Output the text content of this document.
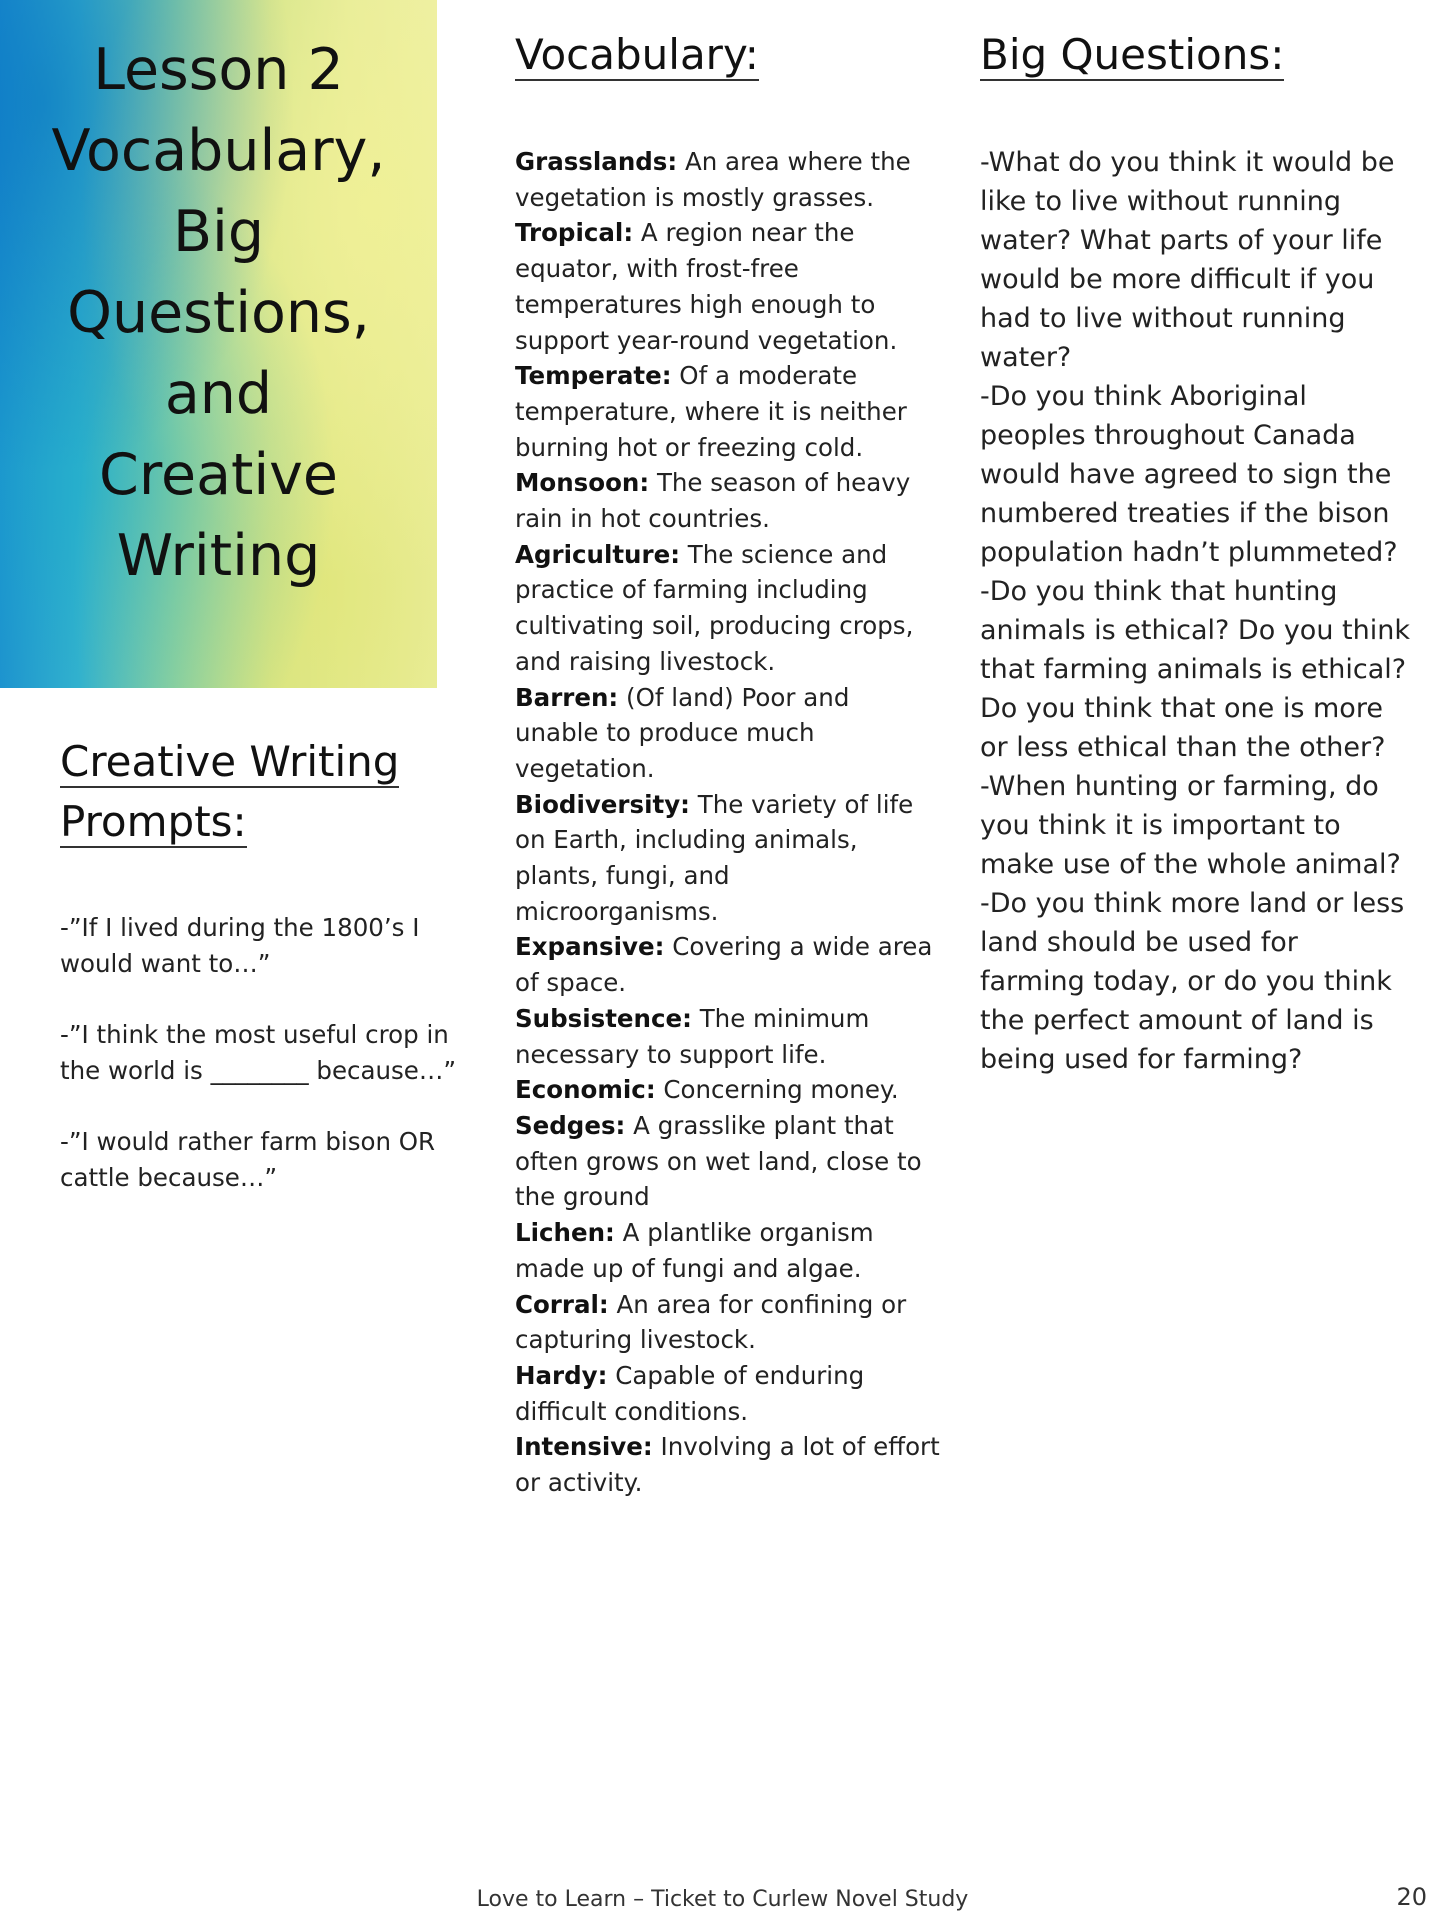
Lesson 2
Vocabulary,
Big
Questions,
and
Creative
Writing
Vocabulary:
Grasslands: An area where the vegetation is mostly grasses.
Tropical: A region near the equator, with frost-free temperatures high enough to support year-round vegetation.
Temperate: Of a moderate temperature, where it is neither burning hot or freezing cold.
Monsoon: The season of heavy rain in hot countries.
Agriculture: The science and practice of farming including cultivating soil, producing crops, and raising livestock.
Barren: (Of land) Poor and unable to produce much vegetation.
Biodiversity: The variety of life on Earth, including animals, plants, fungi, and microorganisms.
Expansive: Covering a wide area of space.
Subsistence: The minimum necessary to support life.
Economic: Concerning money.
Sedges: A grasslike plant that often grows on wet land, close to the ground
Lichen: A plantlike organism made up of fungi and algae.
Corral: An area for confining or capturing livestock.
Hardy: Capable of enduring difficult conditions.
Intensive: Involving a lot of effort or activity.
Big Questions:
-What do you think it would be like to live without running water? What parts of your life would be more difficult if you had to live without running water?
-Do you think Aboriginal peoples throughout Canada would have agreed to sign the numbered treaties if the bison population hadn’t plummeted?
-Do you think that hunting animals is ethical? Do you think that farming animals is ethical? Do you think that one is more or less ethical than the other?
-When hunting or farming, do you think it is important to make use of the whole animal?
-Do you think more land or less land should be used for farming today, or do you think the perfect amount of land is being used for farming?
Creative Writing
Prompts:
-”If I lived during the 1800’s I would want to…”
-”I think the most useful crop in the world is ________ because…”
-”I would rather farm bison OR cattle because…”

Love to Learn – Ticket to Curlew Novel Study	20
